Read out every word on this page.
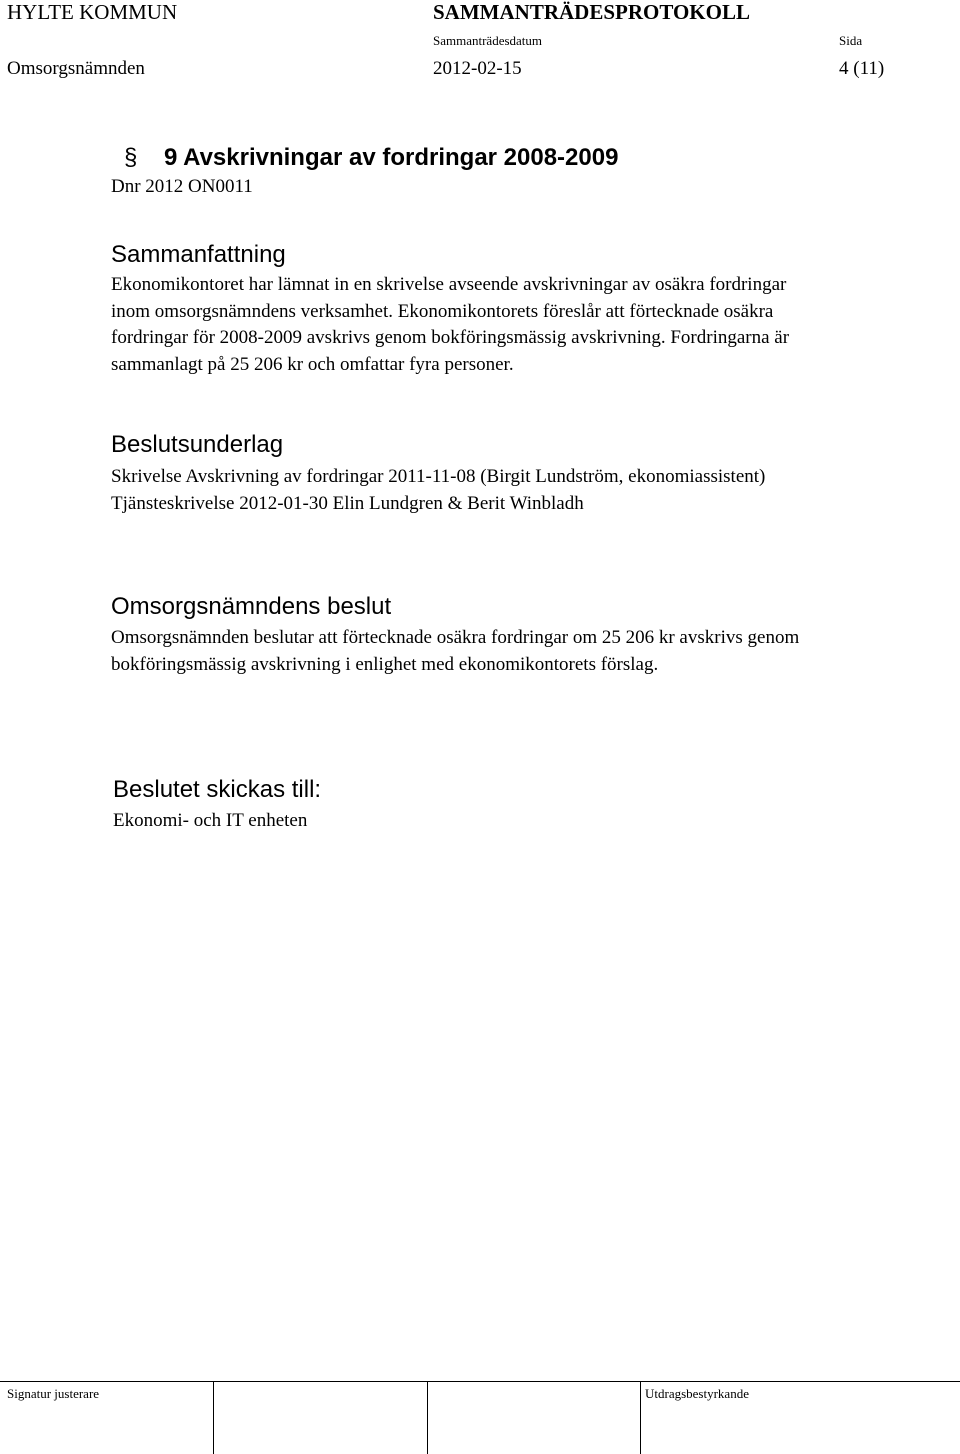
HYLTE KOMMUN	SAMMANTRÄDESPROTOKOLL
Sammanträdesdatum	Sida
Omsorgsnämnden	2012-02-15	4 (11)
§ 9 Avskrivningar av fordringar 2008-2009
Dnr 2012 ON0011
Sammanfattning
Ekonomikontoret har lämnat in en skrivelse avseende avskrivningar av osäkra fordringar
inom omsorgsnämndens verksamhet. Ekonomikontorets föreslår att förtecknade osäkra
fordringar för 2008-2009 avskrivs genom bokföringsmässig avskrivning. Fordringarna är
sammanlagt på 25 206 kr och omfattar fyra personer.
Beslutsunderlag
Skrivelse Avskrivning av fordringar 2011-11-08 (Birgit Lundström, ekonomiassistent)
Tjänsteskrivelse 2012-01-30 Elin Lundgren & Berit Winbladh
Omsorgsnämndens beslut
Omsorgsnämnden beslutar att förtecknade osäkra fordringar om 25 206 kr avskrivs genom
bokföringsmässig avskrivning i enlighet med ekonomikontorets förslag.
Beslutet skickas till:
Ekonomi- och IT enheten
Signatur justerare	Utdragsbestyrkande
